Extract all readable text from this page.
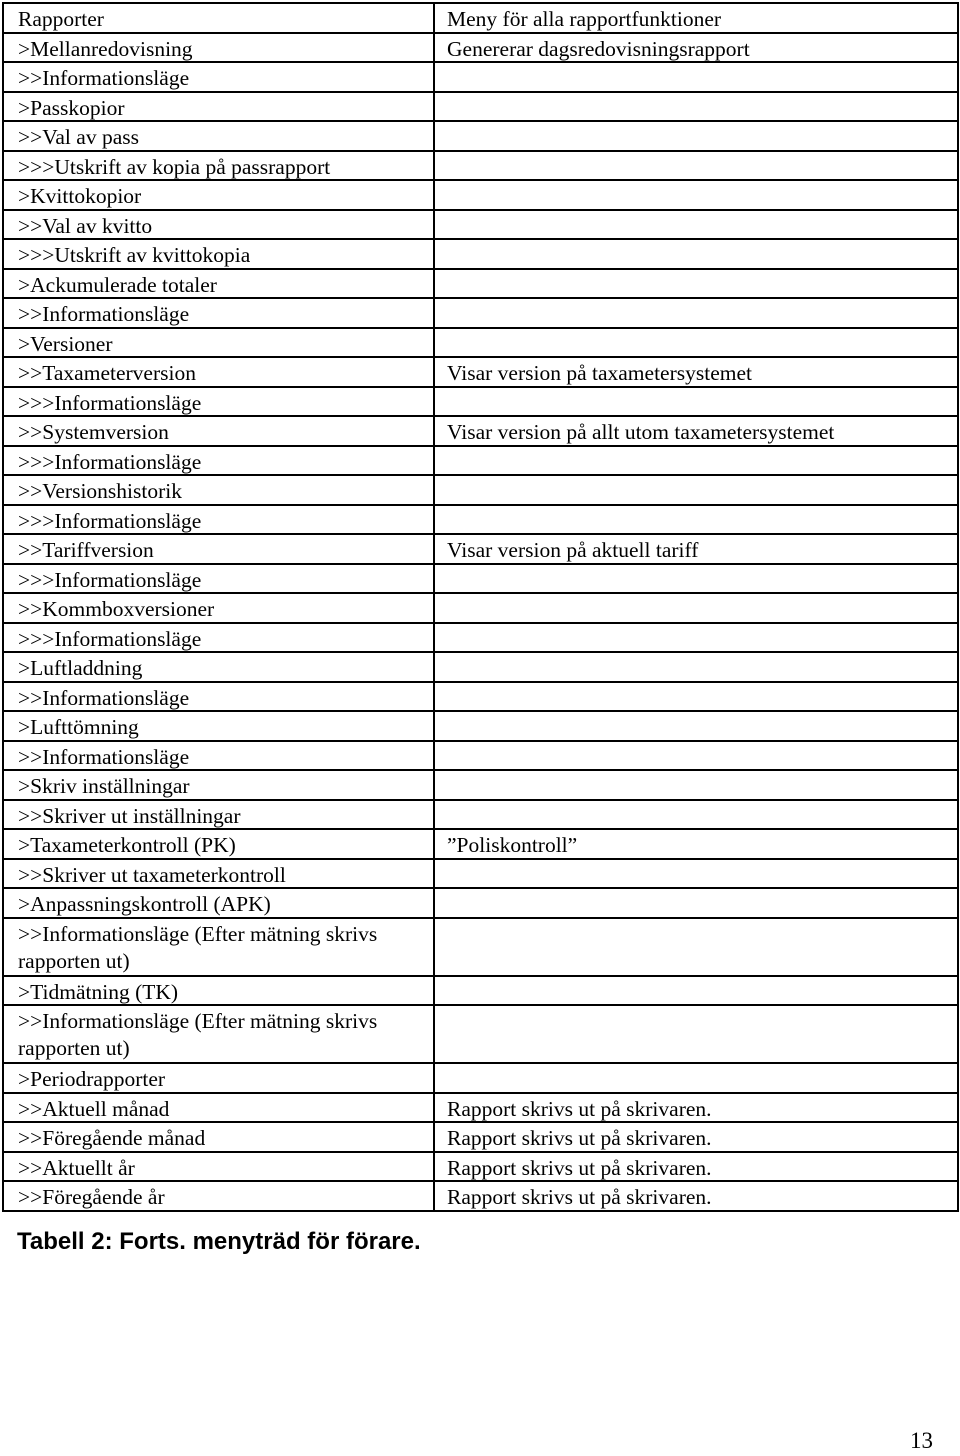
Rapporter	Meny för alla rapportfunktioner
>Mellanredovisning	Genererar dagsredovisningsrapport
>>Informationsläge	
>Passkopior	
>>Val av pass	
>>>Utskrift av kopia på passrapport	
>Kvittokopior	
>>Val av kvitto	
>>>Utskrift av kvittokopia	
>Ackumulerade totaler	
>>Informationsläge	
>Versioner	
>>Taxameterversion	Visar version på taxametersystemet
>>>Informationsläge	
>>Systemversion	Visar version på allt utom taxametersystemet
>>>Informationsläge	
>>Versionshistorik	
>>>Informationsläge	
>>Tariffversion	Visar version på aktuell tariff
>>>Informationsläge	
>>Kommboxversioner	
>>>Informationsläge	
>Luftladdning	
>>Informationsläge	
>Lufttömning	
>>Informationsläge	
>Skriv inställningar	
>>Skriver ut inställningar	
>Taxameterkontroll (PK)	”Poliskontroll”
>>Skriver ut taxameterkontroll	
>Anpassningskontroll (APK)	
>>Informationsläge (Efter mätning skrivs rapporten ut)	
>Tidmätning (TK)	
>>Informationsläge (Efter mätning skrivs rapporten ut)	
>Periodrapporter	
>>Aktuell månad	Rapport skrivs ut på skrivaren.
>>Föregående månad	Rapport skrivs ut på skrivaren.
>>Aktuellt år	Rapport skrivs ut på skrivaren.
>>Föregående år	Rapport skrivs ut på skrivaren.
Tabell 2: Forts. menyträd för förare.
13
